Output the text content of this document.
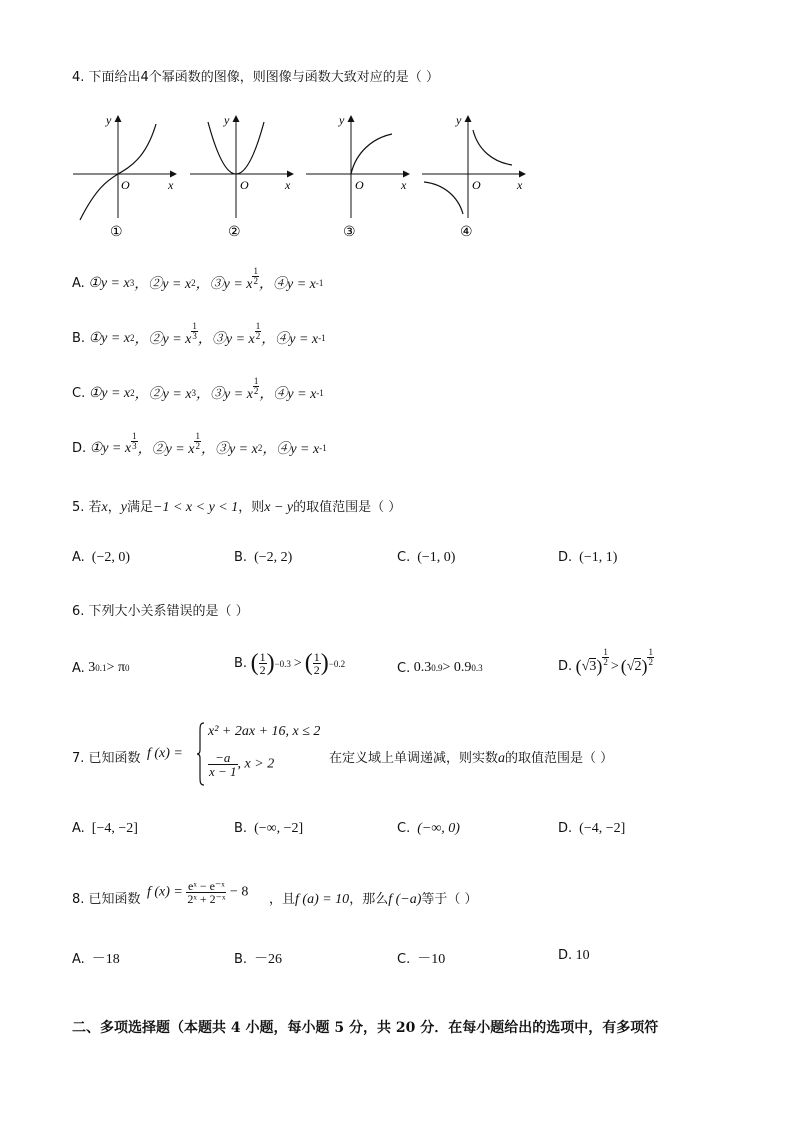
4. 下面给出4个幂函数的图像，则图像与函数大致对应的是（ ）
y
O	x
①
y
O	x
②
y
O	x
③
y
O	x
④
A.
①y = x 3 ，②y = x 2 ，③y = x
1
2 ，④y = x -1
B.
①y = x 2 ，②y = x
1
3 ，③y = x
1
2 ，④y = x -1
C.
①y = x 2 ，②y = x 3 ，③y = x
1
2 ，④y = x -1
D.
①y = x
1
3 ，②y = x
1
2 ，③y = x 2 ，④y = x -1
5. 若x，y满足−1 < x < y < 1，则x − y的取值范围是（ ）
A. (−2, 0)	B. (−2, 2)	C. (−1, 0)	D. (−1, 1)
6. 下列大小关系错误的是（ ）
A.
3 0.1 > π 0	B.
( 1
2 ) −0.3 > ( 1
2 ) −0.2	C.
0.3 0.9 > 0.9 0.3	D.
( √ 3 )
1
2 > ( √ 2 )
1
2
7. 已知函数 f (x) =
x² + 2ax + 16, x ≤ 2
$\frac{-a}{x - 1}$ , x > 2	在定义域上单调递减，则实数a的取值范围是（ ）
A. [−4, −2]	B. (−∞, −2]	C. (−∞, 0)	D. (−4, −2]
8. 已知函数 f $(x) = \frac{\text{eˣ − e⁻ˣ}}{\text{2ˣ + 2⁻ˣ}} - 8$ ，且f (a) = 10，那么f (−a)等于（ ）
A. －18	B. －26	C. －10	D. 10
二、多项选择题（本题共 4 小题，每小题 5 分，共 20 分．在每小题给出的选项中，有多项符
